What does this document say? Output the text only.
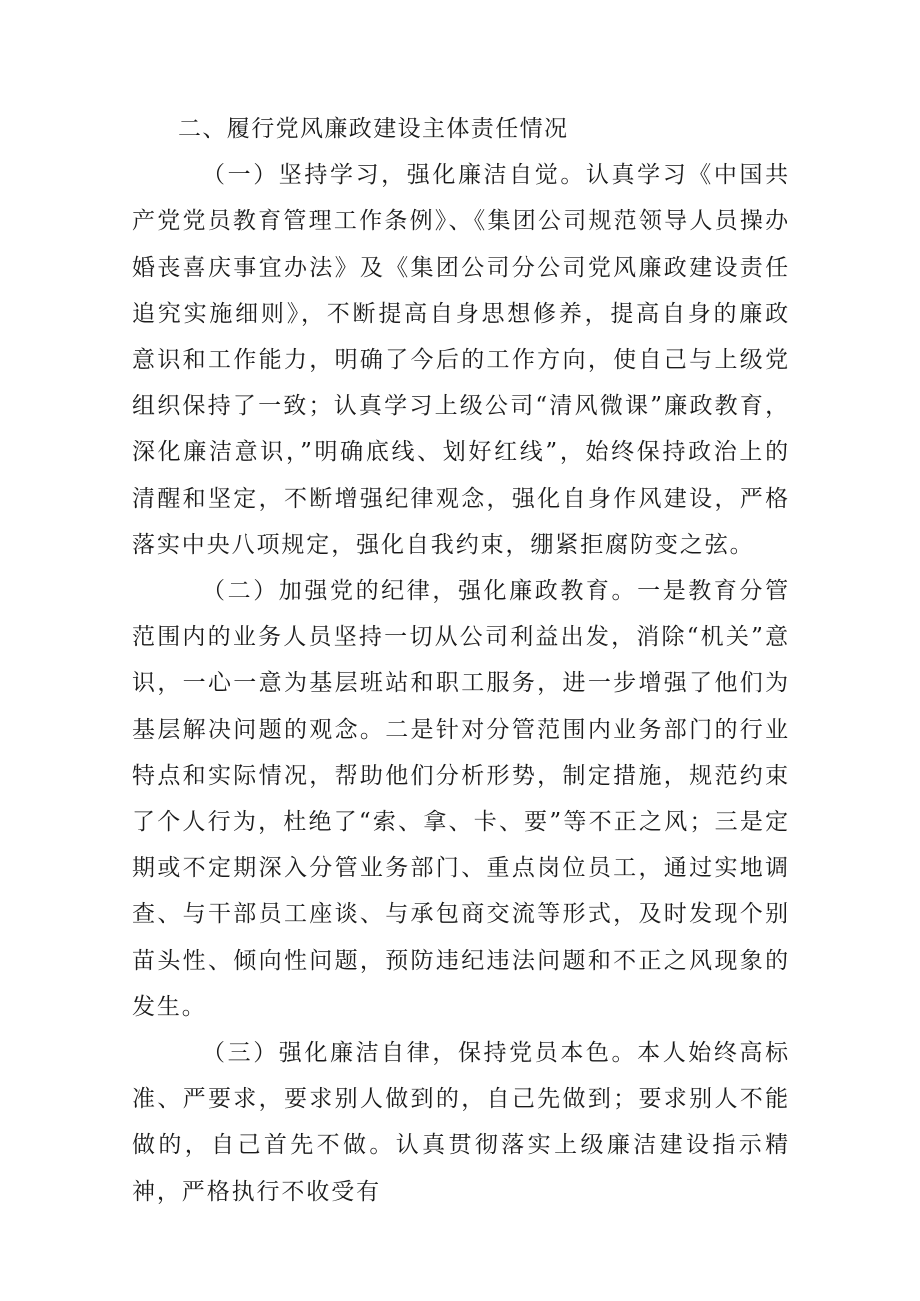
二、履行党风廉政建设主体责任情况

（一）坚持学习，强化廉洁自觉。认真学习《中国共产党党员教育管理工作条例》、《集团公司规范领导人员操办婚丧喜庆事宜办法》及《集团公司分公司党风廉政建设责任追究实施细则》，不断提高自身思想修养，提高自身的廉政意识和工作能力，明确了今后的工作方向，使自己与上级党组织保持了一致；认真学习上级公司“清风微课”廉政教育，深化廉洁意识，”明确底线、划好红线”，始终保持政治上的清醒和坚定，不断增强纪律观念，强化自身作风建设，严格落实中央八项规定，强化自我约束，绷紧拒腐防变之弦。

（二）加强党的纪律，强化廉政教育。一是教育分管范围内的业务人员坚持一切从公司利益出发，消除“机关”意识，一心一意为基层班站和职工服务，进一步增强了他们为基层解决问题的观念。二是针对分管范围内业务部门的行业特点和实际情况，帮助他们分析形势，制定措施，规范约束了个人行为，杜绝了“索、拿、卡、要”等不正之风；三是定期或不定期深入分管业务部门、重点岗位员工，通过实地调查、与干部员工座谈、与承包商交流等形式，及时发现个别苗头性、倾向性问题，预防违纪违法问题和不正之风现象的发生。

（三）强化廉洁自律，保持党员本色。本人始终高标准、严要求，要求别人做到的，自己先做到；要求别人不能做的，自己首先不做。认真贯彻落实上级廉洁建设指示精神，严格执行不收受有
